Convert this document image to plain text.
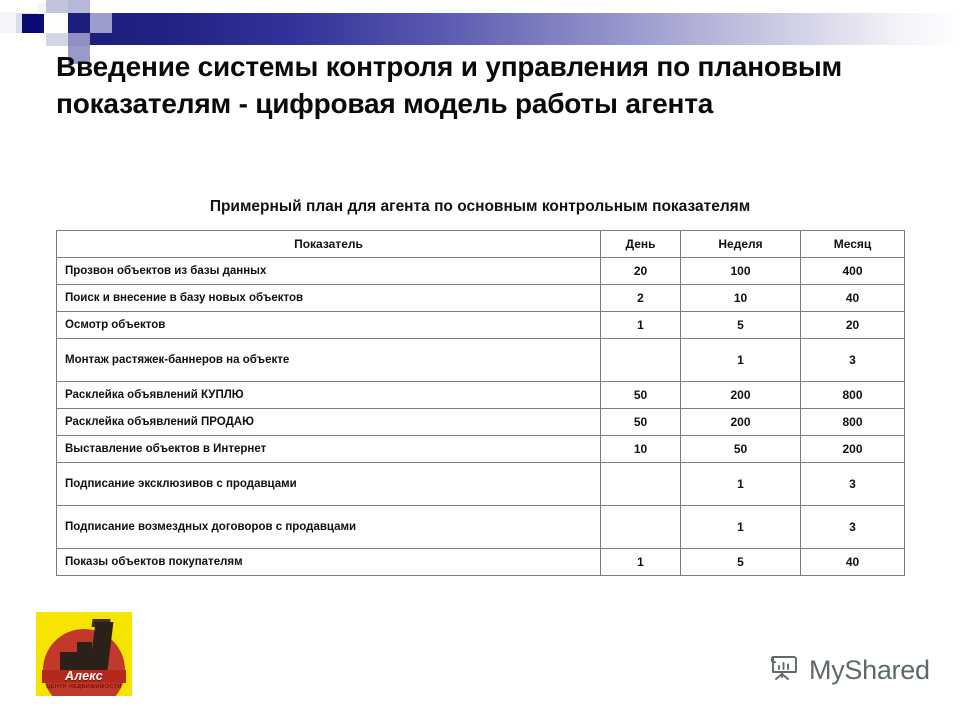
Введение системы контроля и управления по плановым показателям - цифровая модель работы агента
Примерный план для агента по основным контрольным показателям
Показатель	День	Неделя	Месяц
Прозвон объектов из базы данных	20	100	400
Поиск и внесение в базу новых объектов	2	10	40
Осмотр объектов	1	5	20
Монтаж растяжек-баннеров на объекте		1	3
Расклейка объявлений КУПЛЮ	50	200	800
Расклейка объявлений ПРОДАЮ	50	200	800
Выставление объектов в Интернет	10	50	200
Подписание эксклюзивов с продавцами		1	3
Подписание возмездных договоров с продавцами		1	3
Показы объектов покупателям	1	5	40
Алекс
ЦЕНТР НЕДВИЖИМОСТИ
MyShared
